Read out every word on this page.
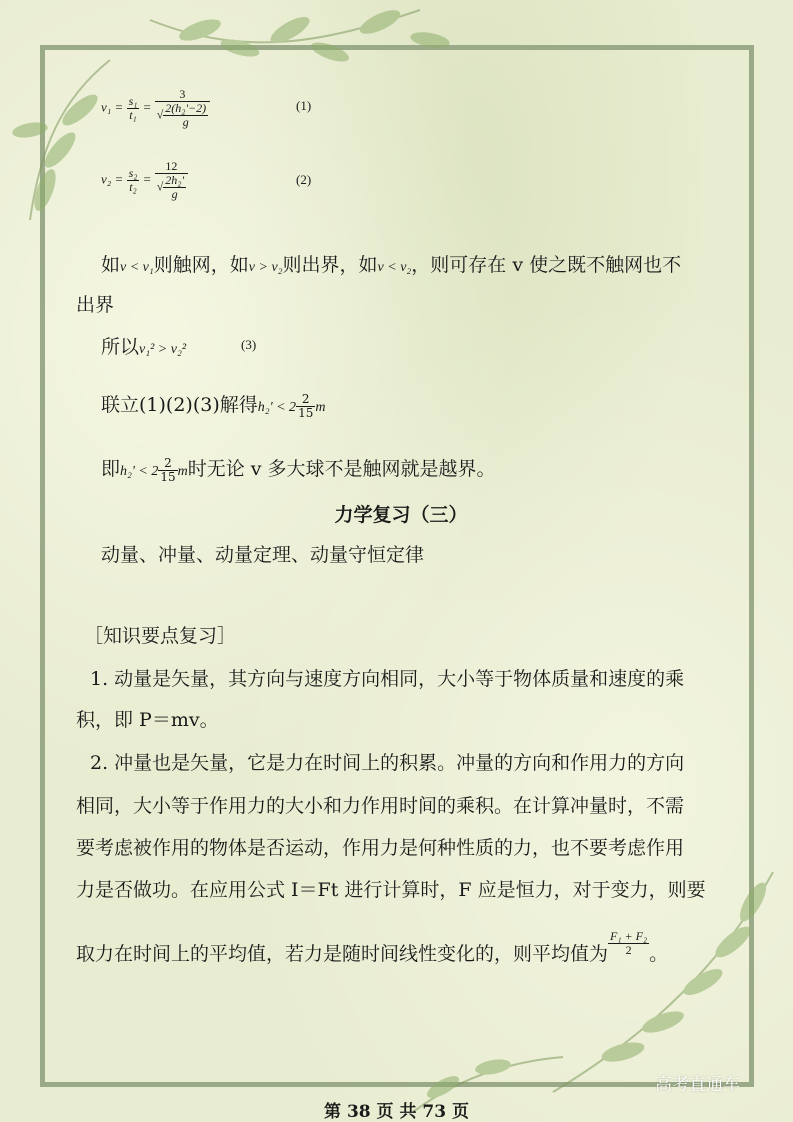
$v_1 = \frac{\text{s₁}}{\text{t₁}} = \frac{3}{√ \frac{\text{2(h₂'−2)}}{g}}$	(1)
$v_2 = \frac{\text{s₂}}{\text{t₂}} = \frac{12}{√ \frac{\text{2h₂'}}{g}}$	(2)
如v < v₁则触网，如v > v₂则出界，如v < v₂，则可存在 v 使之既不触网也不
出界
所以v₁² > v₂²	(3)
联立(1)(2)(3)解得$h_2' < 2 \frac{2}{15}$ m
即$h_2' < 2 \frac{2}{15}$ m时无论 v 多大球不是触网就是越界。
力学复习（三）
动量、冲量、动量定理、动量守恒定律
［知识要点复习］
1. 动量是矢量，其方向与速度方向相同，大小等于物体质量和速度的乘
积，即 P＝mv。
2. 冲量也是矢量，它是力在时间上的积累。冲量的方向和作用力的方向
相同，大小等于作用力的大小和力作用时间的乘积。在计算冲量时，不需
要考虑被作用的物体是否运动，作用力是何种性质的力，也不要考虑作用
力是否做功。在应用公式 I＝Ft 进行计算时，F 应是恒力，对于变力，则要
取力在时间上的平均值，若力是随时间线性变化的，则平均值为 $\frac{\text{F₁ + F₂}}{2}$ 。
高考直通车
第 38 页 共 73 页
